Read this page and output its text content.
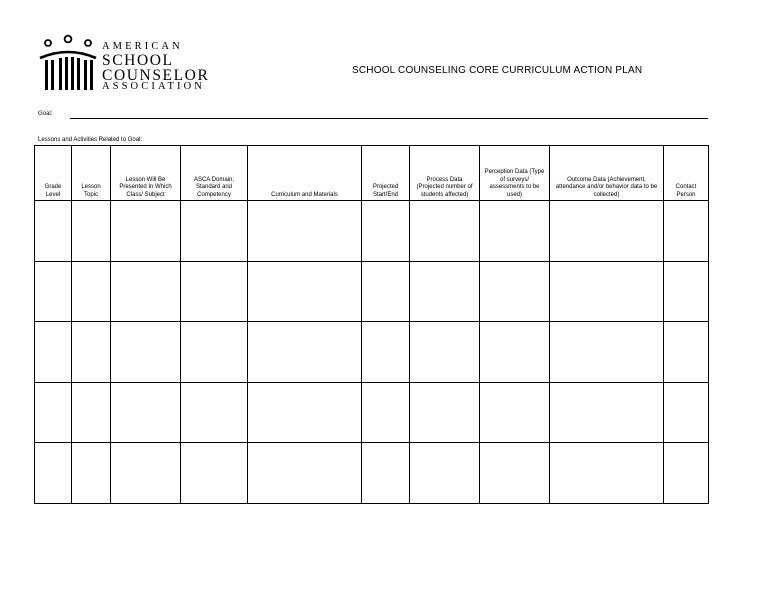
AMERICAN
SCHOOL
COUNSELOR
ASSOCIATION
SCHOOL COUNSELING CORE CURRICULUM ACTION PLAN
Goal:
Lessons and Activities Related to Goal:
Grade Level	Lesson Topic	Lesson Will Be Presented In Which Class/ Subject	ASCA Domain, Standard and Competency	Curriculum and Materials	Projected Start/End	Process Data (Projected number of students affected)	Perception Data (Type of surveys/ assessments to be used)	Outcome Data (Achievement, attendance and/or behavior data to be collected)	Contact Person
